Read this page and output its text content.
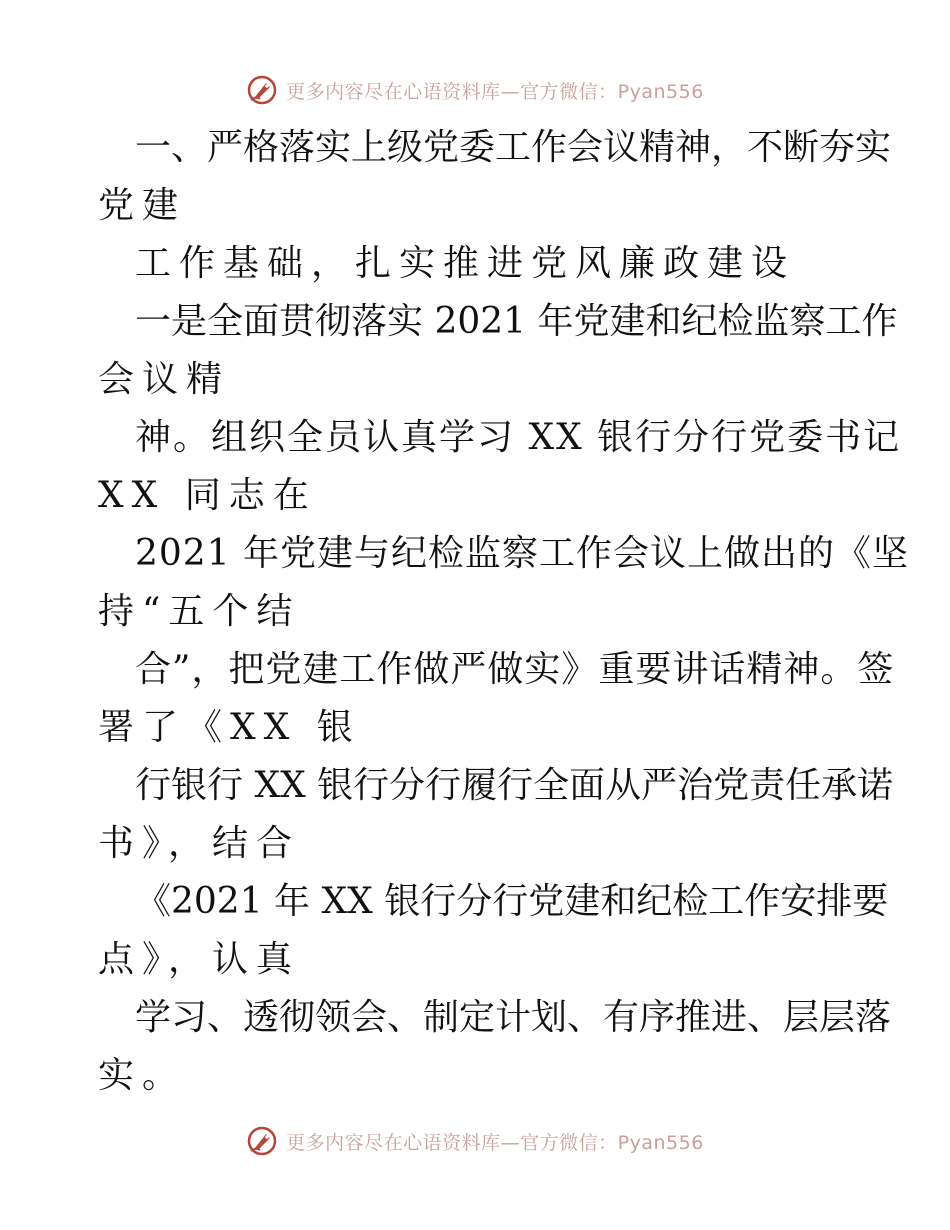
更多内容尽在心语资料库—官方微信：Pyan556
一、严格落实上级党委工作会议精神，不断夯实
党建
工作基础，扎实推进党风廉政建设
一是全面贯彻落实 2021 年党建和纪检监察工作
会议精
神。组织全员认真学习 XX 银行分行党委书记
XX 同志在
2021 年党建与纪检监察工作会议上做出的《坚
持“五个结
合”，把党建工作做严做实》重要讲话精神。签
署了《XX 银
行银行 XX 银行分行履行全面从严治党责任承诺
书》，结合
《2021 年 XX 银行分行党建和纪检工作安排要
点》，认真
学习、透彻领会、制定计划、有序推进、层层落
实。
更多内容尽在心语资料库—官方微信：Pyan556
